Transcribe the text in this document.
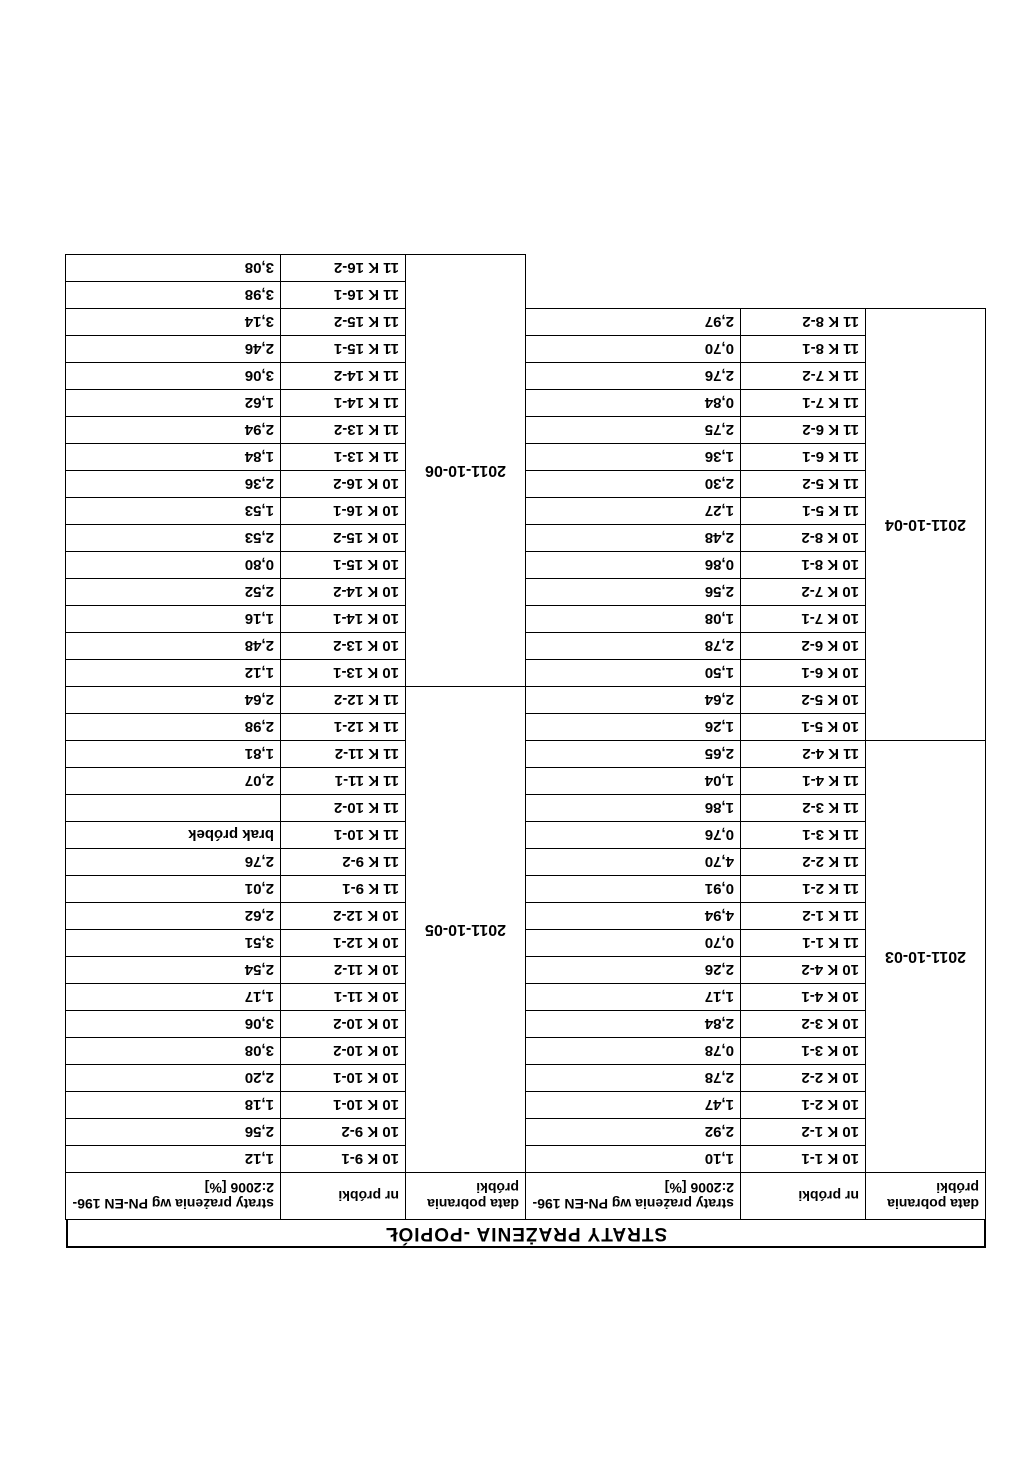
STRATY PRAŻENIA -POPIÓŁ
data pobrania próbki	nr próbki	straty prażenia wg PN-EN 196-2:2006 [%]
2011-10-03	10 K 1-1	1,10
	10 K 1-2	2,92
	10 K 2-1	1,47
	10 K 2-2	2,78
	10 K 3-1	0,78
	10 K 3-2	2,84
	10 K 4-1	1,17
	10 K 4-2	2,26
	11 K 1-1	0,70
	11 K 1-2	4,94
	11 K 2-1	0,91
	11 K 2-2	4,70
	11 K 3-1	0,76
	11 K 3-2	1,86
	11 K 4-1	1,04
	11 K 4-2	2,65
2011-10-04	10 K 5-1	1,26
	10 K 5-2	2,64
	10 K 6-1	1,50
	10 K 6-2	2,78
	10 K 7-1	1,08
	10 K 7-2	2,56
	10 K 8-1	0,86
	10 K 8-2	2,48
	11 K 5-1	1,27
	11 K 5-2	2,30
	11 K 6-1	1,36
	11 K 6-2	2,75
	11 K 7-1	0,84
	11 K 7-2	2,76
	11 K 8-1	0,70
	11 K 8-2	2,97
data pobrania próbki	nr próbki	straty prażenia wg PN-EN 196-2:2006 [%]
2011-10-05	10 K 9-1	1,12
	10 K 9-2	2,56
	10 K 10-1	1,18
	10 K 10-1	2,20
	10 K 10-2	3,08
	10 K 10-2	3,06
	10 K 11-1	1,17
	10 K 11-2	2,54
	10 K 12-1	3,51
	10 K 12-2	2,62
	11 K 9-1	2,01
	11 K 9-2	2,76
	11 K 10-1	brak próbek
	11 K 10-2	
	11 K 11-1	2,07
	11 K 11-2	1,81
	11 K 12-1	2,98
	11 K 12-2	2,64
2011-10-06	10 K 13-1	1,12
	10 K 13-2	2,48
	10 K 14-1	1,16
	10 K 14-2	2,52
	10 K 15-1	0,80
	10 K 15-2	2,53
	10 K 16-1	1,53
	10 K 16-2	2,36
	11 K 13-1	1,84
	11 K 13-2	2,94
	11 K 14-1	1,62
	11 K 14-2	3,06
	11 K 15-1	2,46
	11 K 15-2	3,14
	11 K 16-1	3,98
	11 K 16-2	3,08
